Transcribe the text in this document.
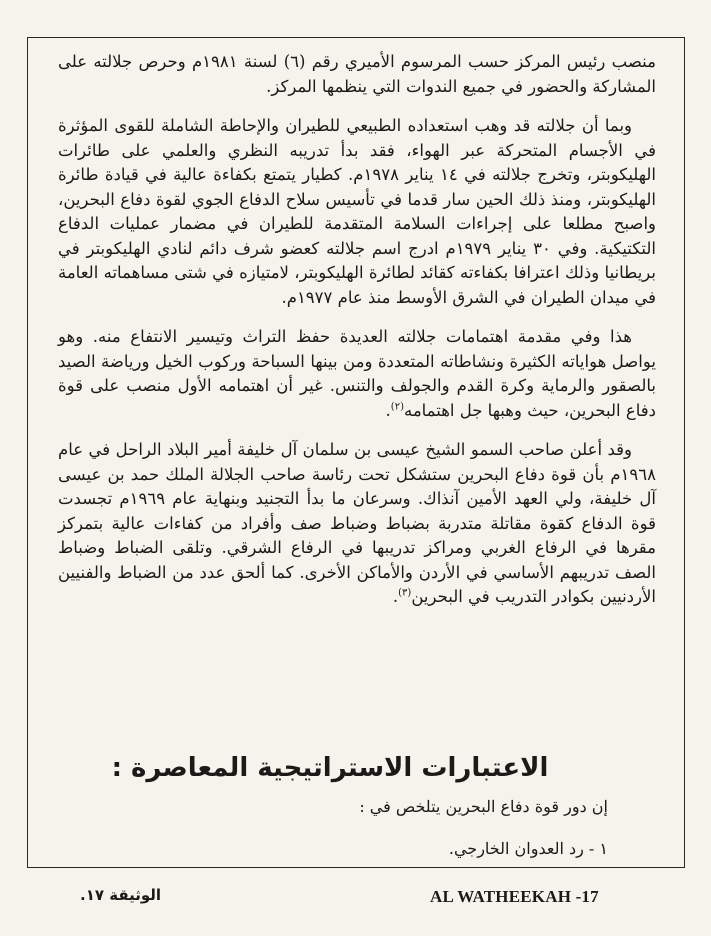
منصب رئيس المركز حسب المرسوم الأميري رقم (٦) لسنة ١٩٨١م وحرص جلالته على المشاركة والحضور في جميع الندوات التي ينظمها المركز.

وبما أن جلالته قد وهب استعداده الطبيعي للطيران والإحاطة الشاملة للقوى المؤثرة في الأجسام المتحركة عبر الهواء، فقد بدأ تدريبه النظري والعلمي على طائرات الهليكوبتر، وتخرج جلالته في ١٤ يناير ١٩٧٨م. كطيار يتمتع بكفاءة عالية في قيادة طائرة الهليكوبتر، ومنذ ذلك الحين سار قدما في تأسيس سلاح الدفاع الجوي لقوة دفاع البحرين، واصبح مطلعا على إجراءات السلامة المتقدمة للطيران في مضمار عمليات الدفاع التكتيكية. وفي ٣٠ يناير ١٩٧٩م ادرج اسم جلالته كعضو شرف دائم لنادي الهليكوبتر في بريطانيا وذلك اعترافا بكفاءته كقائد لطائرة الهليكوبتر، لامتيازه في شتى مساهماته العامة في ميدان الطيران في الشرق الأوسط منذ عام ١٩٧٧م.

هذا وفي مقدمة اهتمامات جلالته العديدة حفظ التراث وتيسير الانتفاع منه. وهو يواصل هواياته الكثيرة ونشاطاته المتعددة ومن بينها السباحة وركوب الخيل ورياضة الصيد بالصقور والرماية وكرة القدم والجولف والتنس. غير أن اهتمامه الأول منصب على قوة دفاع البحرين، حيث وهبها جل اهتمامه$^{(٢)}$.

وقد أعلن صاحب السمو الشيخ عيسى بن سلمان آل خليفة أمير البلاد الراحل في عام ١٩٦٨م بأن قوة دفاع البحرين ستشكل تحت رئاسة صاحب الجلالة الملك حمد بن عيسى آل خليفة، ولي العهد الأمين آنذاك. وسرعان ما بدأ التجنيد وبنهاية عام ١٩٦٩م تجسدت قوة الدفاع كقوة مقاتلة متدربة بضباط وضباط صف وأفراد من كفاءات عالية بتمركز مقرها في الرفاع الغربي ومراكز تدريبها في الرفاع الشرقي. وتلقى الضباط وضباط الصف تدريبهم الأساسي في الأردن والأماكن الأخرى. كما ألحق عدد من الضباط والفنيين الأردنيين بكوادر التدريب في البحرين$^{(٣)}$.

الاعتبارات الاستراتيجية المعاصرة :
إن دور قوة دفاع البحرين يتلخص في :
١ - رد العدوان الخارجي.
AL WATHEEKAH -17
الوثيقة ١٧.
